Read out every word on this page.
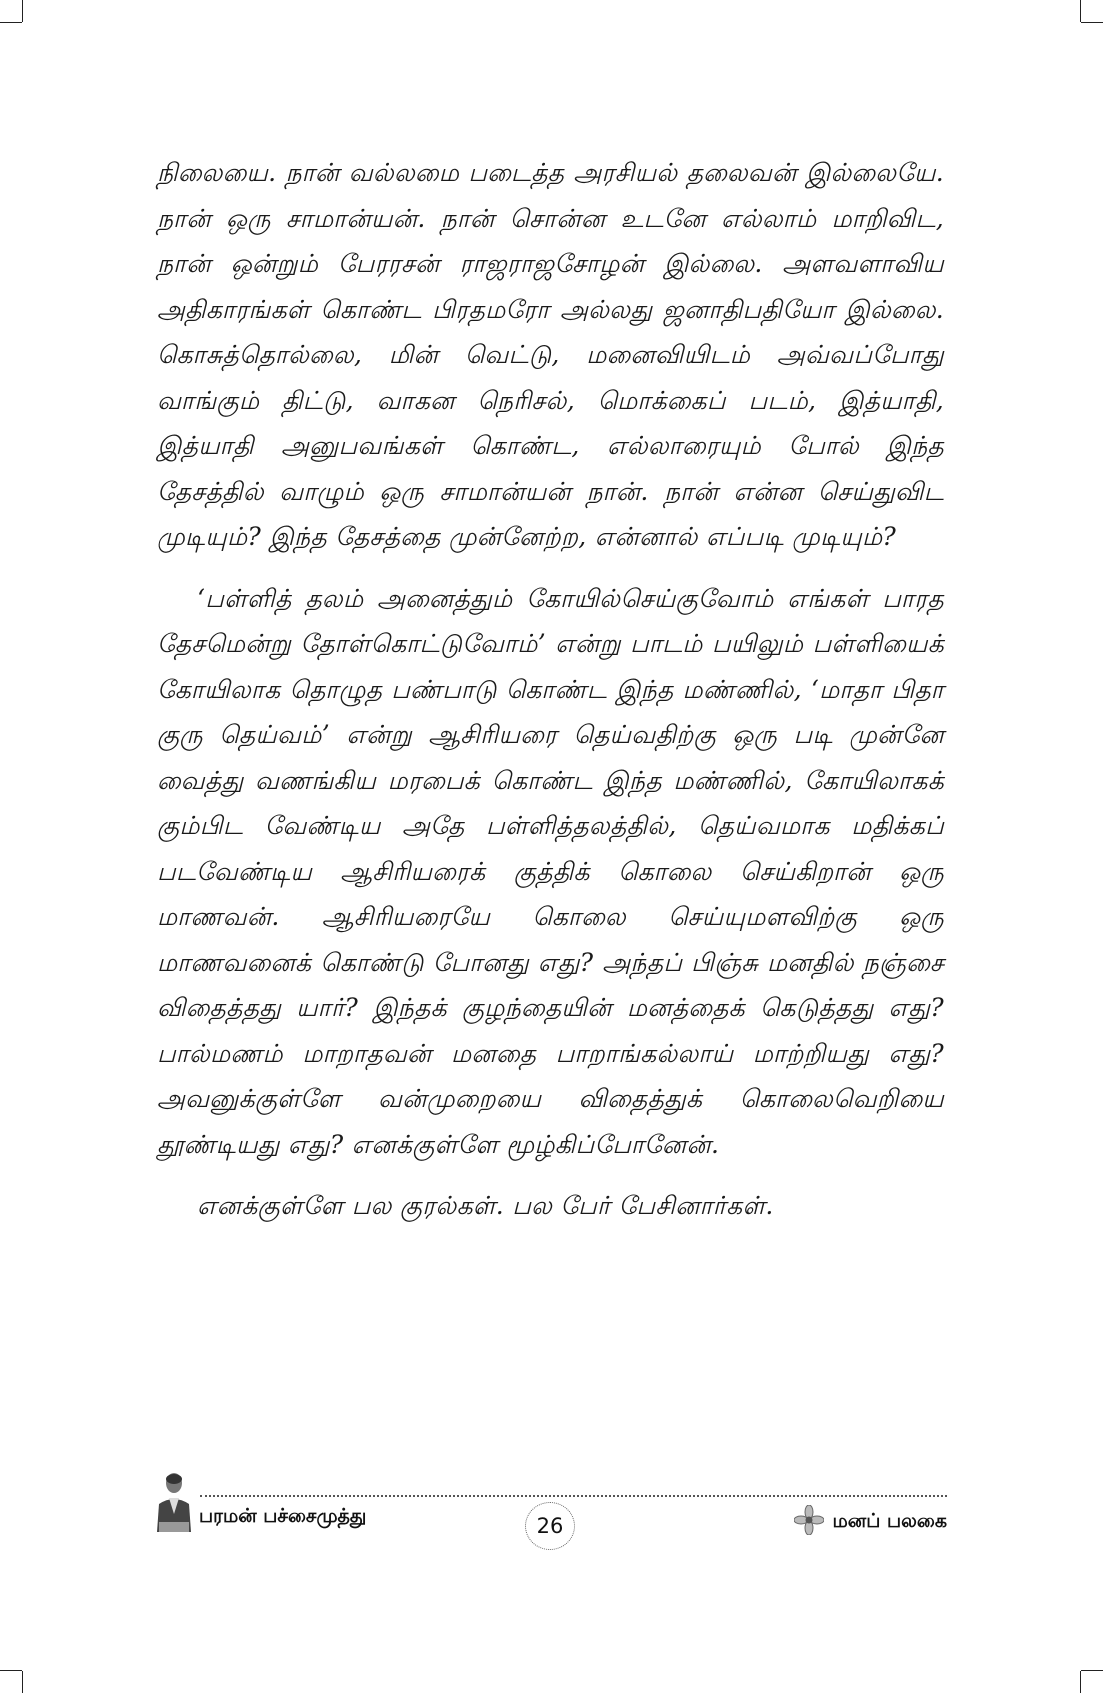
நிலையை. நான் வல்லமை படைத்த அரசியல் தலைவன் இல்லையே. நான் ஒரு சாமான்யன். நான் சொன்ன உடனே எல்லாம் மாறிவிட, நான் ஒன்றும் பேரரசன் ராஜராஜசோழன் இல்லை. அளவளாவிய அதிகாரங்கள் கொண்ட பிரதமரோ அல்லது ஜனாதிபதியோ இல்லை. கொசுத்தொல்லை, மின் வெட்டு, மனைவியிடம் அவ்வப்போது வாங்கும் திட்டு, வாகன நெரிசல், மொக்கைப் படம், இத்யாதி, இத்யாதி அனுபவங்கள் கொண்ட, எல்லாரையும் போல் இந்த தேசத்தில் வாழும் ஒரு சாமான்யன் நான். நான் என்ன செய்துவிட முடியும்? இந்த தேசத்தை முன்னேற்ற, என்னால் எப்படி முடியும்?

‘பள்ளித் தலம் அனைத்தும் கோயில்செய்குவோம் எங்கள் பாரத தேசமென்று தோள்கொட்டுவோம்’ என்று பாடம் பயிலும் பள்ளியைக் கோயிலாக தொழுத பண்பாடு கொண்ட இந்த மண்ணில், ‘மாதா பிதா குரு தெய்வம்’ என்று ஆசிரியரை தெய்வதிற்கு ஒரு படி முன்னே வைத்து வணங்கிய மரபைக் கொண்ட இந்த மண்ணில், கோயிலாகக் கும்பிட வேண்டிய அதே பள்ளித்தலத்தில், தெய்வமாக மதிக்கப் படவேண்டிய ஆசிரியரைக் குத்திக் கொலை செய்கிறான் ஒரு மாணவன். ஆசிரியரையே கொலை செய்யுமளவிற்கு ஒரு மாணவனைக் கொண்டு போனது எது? அந்தப் பிஞ்சு மனதில் நஞ்சை விதைத்தது யார்? இந்தக் குழந்தையின் மனத்தைக் கெடுத்தது எது? பால்மணம் மாறாதவன் மனதை பாறாங்கல்லாய் மாற்றியது எது? அவனுக்குள்ளே வன்முறையை விதைத்துக் கொலைவெறியை தூண்டியது எது? எனக்குள்ளே மூழ்கிப்போனேன்.

எனக்குள்ளே பல குரல்கள். பல பேர் பேசினார்கள்.

பரமன் பச்சைமுத்து	26	மனப் பலகை
